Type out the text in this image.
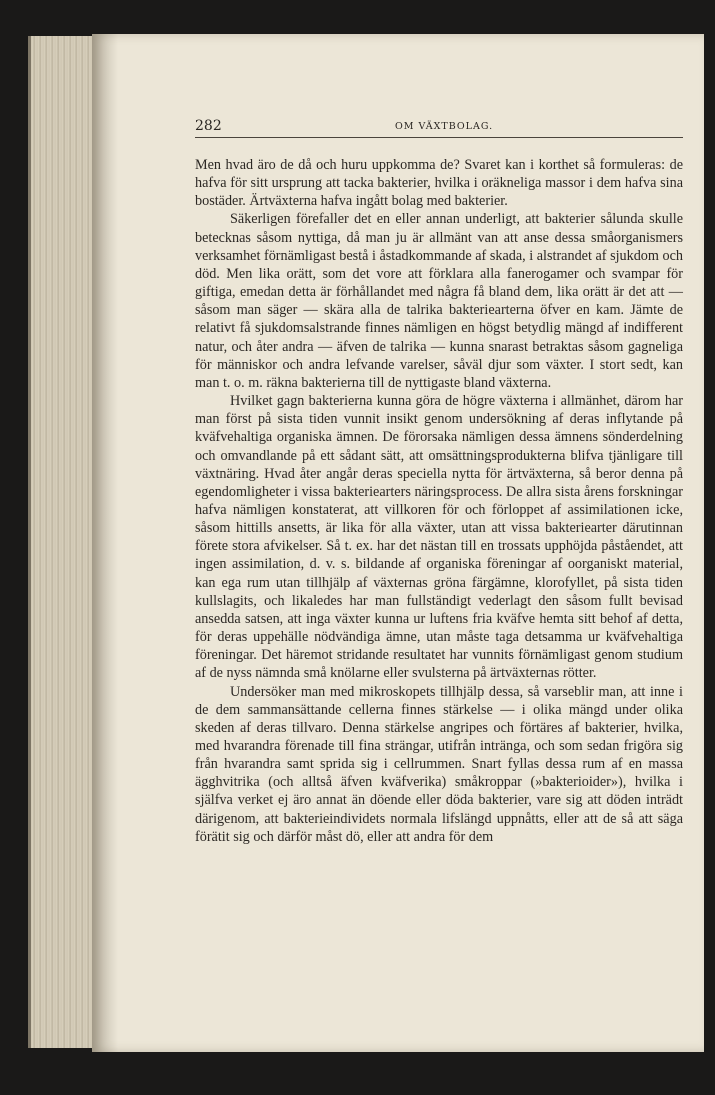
282	OM VÄXTBOLAG.

Men hvad äro de då och huru uppkomma de? Svaret kan i korthet så formuleras: de hafva för sitt ursprung att tacka bakterier, hvilka i oräkneliga massor i dem hafva sina bostäder. Ärtväxterna hafva ingått bolag med bakterier.

Säkerligen förefaller det en eller annan underligt, att bakterier sålunda skulle betecknas såsom nyttiga, då man ju är allmänt van att anse dessa småorganismers verksamhet förnämligast bestå i åstadkommande af skada, i alstrandet af sjukdom och död. Men lika orätt, som det vore att förklara alla fanerogamer och svampar för giftiga, emedan detta är förhållandet med några få bland dem, lika orätt är det att — såsom man säger — skära alla de talrika bakteriearterna öfver en kam. Jämte de relativt få sjukdomsalstrande finnes nämligen en högst betydlig mängd af indifferent natur, och åter andra — äfven de talrika — kunna snarast betraktas såsom gagneliga för människor och andra lefvande varelser, såväl djur som växter. I stort sedt, kan man t. o. m. räkna bakterierna till de nyttigaste bland växterna.

Hvilket gagn bakterierna kunna göra de högre växterna i allmänhet, därom har man först på sista tiden vunnit insikt genom undersökning af deras inflytande på kväfvehaltiga organiska ämnen. De förorsaka nämligen dessa ämnens sönderdelning och omvandlande på ett sådant sätt, att omsättningsprodukterna blifva tjänligare till växtnäring. Hvad åter angår deras speciella nytta för ärtväxterna, så beror denna på egendomligheter i vissa bakteriearters näringsprocess. De allra sista årens forskningar hafva nämligen konstaterat, att villkoren för och förloppet af assimilationen icke, såsom hittills ansetts, är lika för alla växter, utan att vissa bakteriearter därutinnan förete stora afvikelser. Så t. ex. har det nästan till en trossats upphöjda påståendet, att ingen assimilation, d. v. s. bildande af organiska föreningar af oorganiskt material, kan ega rum utan tillhjälp af växternas gröna färgämne, klorofyllet, på sista tiden kullslagits, och likaledes har man fullständigt vederlagt den såsom fullt bevisad ansedda satsen, att inga växter kunna ur luftens fria kväfve hemta sitt behof af detta, för deras uppehälle nödvändiga ämne, utan måste taga detsamma ur kväfvehaltiga föreningar. Det häremot stridande resultatet har vunnits förnämligast genom studium af de nyss nämnda små knölarne eller svulsterna på ärtväxternas rötter.

Undersöker man med mikroskopets tillhjälp dessa, så varseblir man, att inne i de dem sammansättande cellerna finnes stärkelse — i olika mängd under olika skeden af deras tillvaro. Denna stärkelse angripes och förtäres af bakterier, hvilka, med hvarandra förenade till fina strängar, utifrån intränga, och som sedan frigöra sig från hvarandra samt sprida sig i cellrummen. Snart fyllas dessa rum af en massa ägghvitrika (och alltså äfven kväfverika) småkroppar (»bakterioider»), hvilka i själfva verket ej äro annat än döende eller döda bakterier, vare sig att döden inträdt därigenom, att bakterieindividets normala lifslängd uppnåtts, eller att de så att säga förätit sig och därför måst dö, eller att andra för dem
